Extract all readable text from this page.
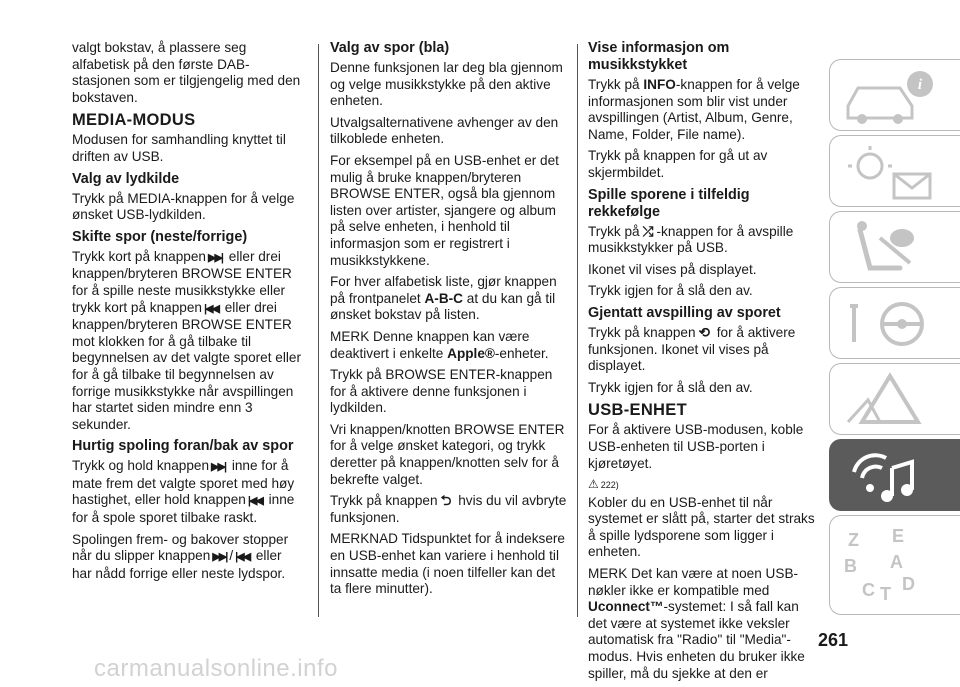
valgt bokstav, å plassere seg alfabetisk på den første DAB-stasjonen som er tilgjengelig med den bokstaven.

MEDIA-MODUS

Modusen for samhandling knyttet til driften av USB.

Valg av lydkilde

Trykk på MEDIA-knappen for å velge ønsket USB-lydkilden.

Skifte spor (neste/forrige)

Trykk kort på knappen ▶▶| eller drei knappen/bryteren BROWSE ENTER for å spille neste musikkstykke eller trykk kort på knappen |◀◀ eller drei knappen/bryteren BROWSE ENTER mot klokken for å gå tilbake til begynnelsen av det valgte sporet eller for å gå tilbake til begynnelsen av forrige musikkstykke når avspillingen har startet siden mindre enn 3 sekunder.

Hurtig spoling foran/bak av spor

Trykk og hold knappen ▶▶| inne for å mate frem det valgte sporet med høy hastighet, eller hold knappen |◀◀ inne for å spole sporet tilbake raskt.

Spolingen frem- og bakover stopper når du slipper knappen ▶▶| / |◀◀ eller har nådd forrige eller neste lydspor.

Valg av spor (bla)

Denne funksjonen lar deg bla gjennom og velge musikkstykke på den aktive enheten.

Utvalgsalternativene avhenger av den tilkoblede enheten.

For eksempel på en USB-enhet er det mulig å bruke knappen/bryteren BROWSE ENTER, også bla gjennom listen over artister, sjangere og album på selve enheten, i henhold til informasjon som er registrert i musikkstykkene.

For hver alfabetisk liste, gjør knappen på frontpanelet A-B-C at du kan gå til ønsket bokstav på listen.

MERK Denne knappen kan være deaktivert i enkelte Apple®-enheter.

Trykk på BROWSE ENTER-knappen for å aktivere denne funksjonen i lydkilden.

Vri knappen/knotten BROWSE ENTER for å velge ønsket kategori, og trykk deretter på knappen/knotten selv for å bekrefte valget.

Trykk på knappen ⮌ hvis du vil avbryte funksjonen.

MERKNAD Tidspunktet for å indeksere en USB-enhet kan variere i henhold til innsatte media (i noen tilfeller kan det ta flere minutter).

Vise informasjon om musikkstykket

Trykk på INFO-knappen for å velge informasjonen som blir vist under avspillingen (Artist, Album, Genre, Name, Folder, File name).

Trykk på knappen for gå ut av skjermbildet.

Spille sporene i tilfeldig rekkefølge

Trykk på ⤮ -knappen for å avspille musikkstykker på USB.

Ikonet vil vises på displayet.

Trykk igjen for å slå den av.

Gjentatt avspilling av sporet

Trykk på knappen ⟲ for å aktivere funksjonen. Ikonet vil vises på displayet.

Trykk igjen for å slå den av.

USB-ENHET

For å aktivere USB-modusen, koble USB-enheten til USB-porten i kjøretøyet.

⚠ 222)

Kobler du en USB-enhet til når systemet er slått på, starter det straks å spille lydsporene som ligger i enheten.

MERK Det kan være at noen USB-nøkler ikke er kompatible med Uconnect™-systemet: I så fall kan det være at systemet ikke veksler automatisk fra "Radio" til "Media"-modus. Hvis enheten du bruker ikke spiller, må du sjekke at den er

i
Z E
B A
D
C T
261
carmanualsonline.info
